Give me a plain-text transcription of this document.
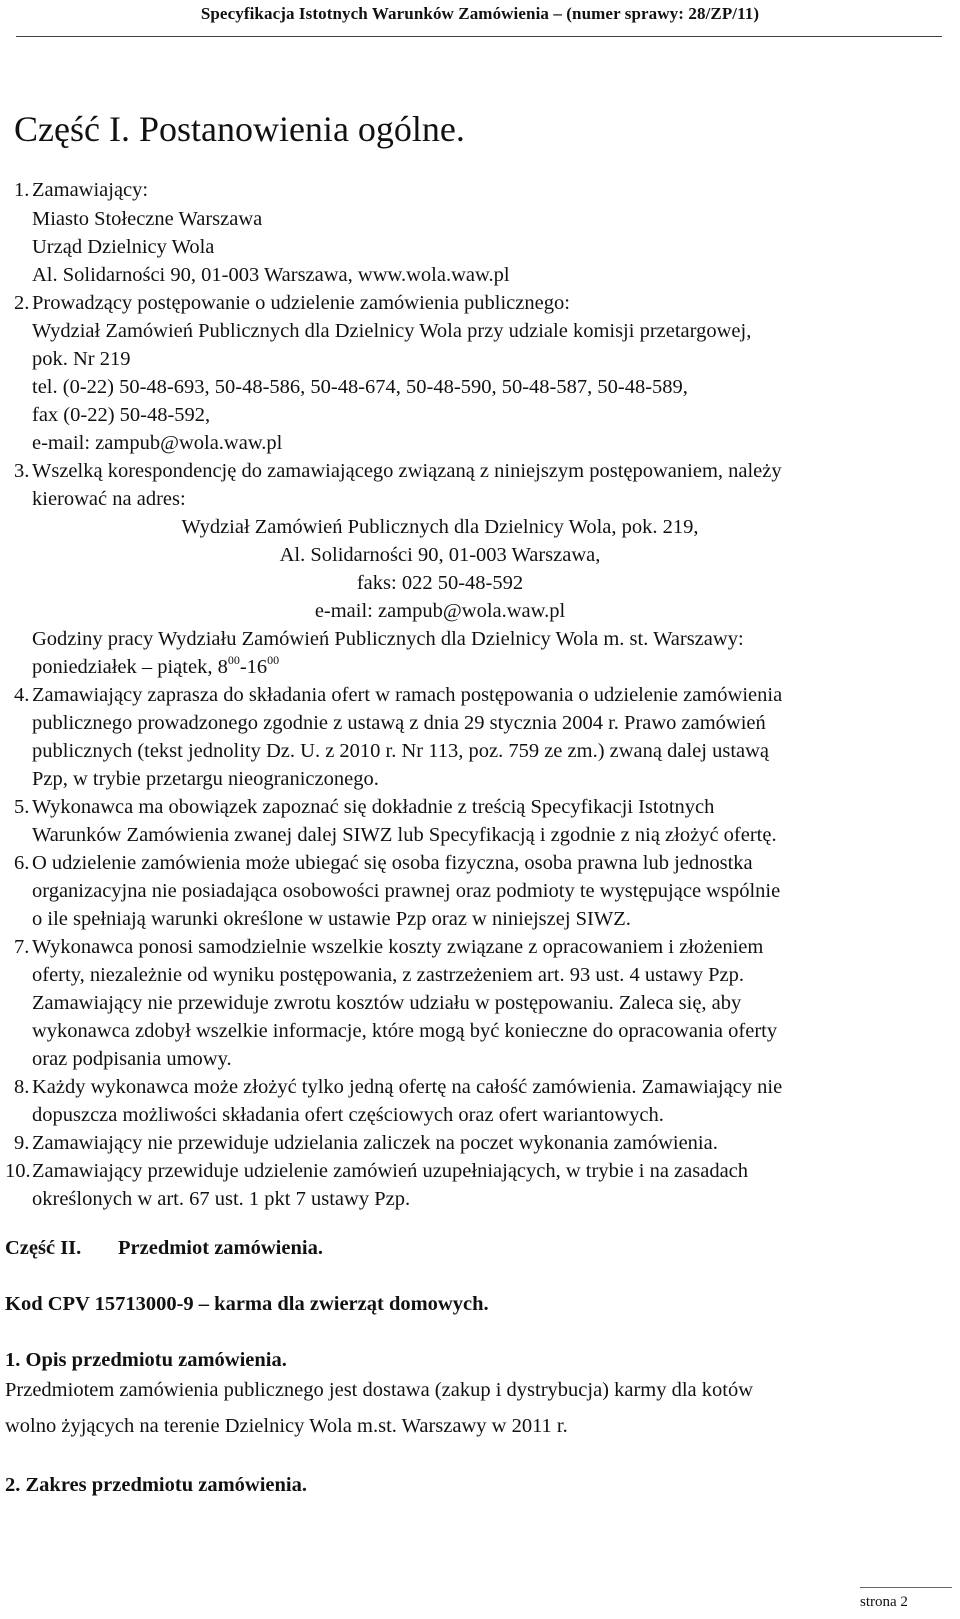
Specyfikacja Istotnych Warunków Zamówienia – (numer sprawy: 28/ZP/11)
Część I. Postanowienia ogólne.
1. Zamawiający:
Miasto Stołeczne Warszawa
Urząd Dzielnicy Wola
Al. Solidarności 90, 01-003 Warszawa, www.wola.waw.pl
2. Prowadzący postępowanie o udzielenie zamówienia publicznego:
Wydział Zamówień Publicznych dla Dzielnicy Wola przy udziale komisji przetargowej,
pok. Nr 219
tel. (0-22) 50-48-693, 50-48-586, 50-48-674, 50-48-590, 50-48-587, 50-48-589,
fax (0-22) 50-48-592,
e-mail: zampub@wola.waw.pl
3. Wszelką korespondencję do zamawiającego związaną z niniejszym postępowaniem, należy
kierować na adres:
Wydział Zamówień Publicznych dla Dzielnicy Wola, pok. 219,
Al. Solidarności 90, 01-003 Warszawa,
faks: 022 50-48-592
e-mail: zampub@wola.waw.pl
Godziny pracy Wydziału Zamówień Publicznych dla Dzielnicy Wola m. st. Warszawy:
poniedziałek – piątek, $8^{00}-16^{00}$
4. Zamawiający zaprasza do składania ofert w ramach postępowania o udzielenie zamówienia
publicznego prowadzonego zgodnie z ustawą z dnia 29 stycznia 2004 r. Prawo zamówień
publicznych (tekst jednolity Dz. U. z 2010 r. Nr 113, poz. 759 ze zm.) zwaną dalej ustawą
Pzp, w trybie przetargu nieograniczonego.
5. Wykonawca ma obowiązek zapoznać się dokładnie z treścią Specyfikacji Istotnych
Warunków Zamówienia zwanej dalej SIWZ lub Specyfikacją i zgodnie z nią złożyć ofertę.
6. O udzielenie zamówienia może ubiegać się osoba fizyczna, osoba prawna lub jednostka
organizacyjna nie posiadająca osobowości prawnej oraz podmioty te występujące wspólnie
o ile spełniają warunki określone w ustawie Pzp oraz w niniejszej SIWZ.
7. Wykonawca ponosi samodzielnie wszelkie koszty związane z opracowaniem i złożeniem
oferty, niezależnie od wyniku postępowania, z zastrzeżeniem art. 93 ust. 4 ustawy Pzp.
Zamawiający nie przewiduje zwrotu kosztów udziału w postępowaniu. Zaleca się, aby
wykonawca zdobył wszelkie informacje, które mogą być konieczne do opracowania oferty
oraz podpisania umowy.
8. Każdy wykonawca może złożyć tylko jedną ofertę na całość zamówienia. Zamawiający nie
dopuszcza możliwości składania ofert częściowych oraz ofert wariantowych.
9. Zamawiający nie przewiduje udzielania zaliczek na poczet wykonania zamówienia.
10. Zamawiający przewiduje udzielenie zamówień uzupełniających, w trybie i na zasadach
określonych w art. 67 ust. 1 pkt 7 ustawy Pzp.
Część II. Przedmiot zamówienia.
Kod CPV 15713000-9 – karma dla zwierząt domowych.
1. Opis przedmiotu zamówienia.
Przedmiotem zamówienia publicznego jest dostawa (zakup i dystrybucja) karmy dla kotów
wolno żyjących na terenie Dzielnicy Wola m.st. Warszawy w 2011 r.
2. Zakres przedmiotu zamówienia.
strona 2
